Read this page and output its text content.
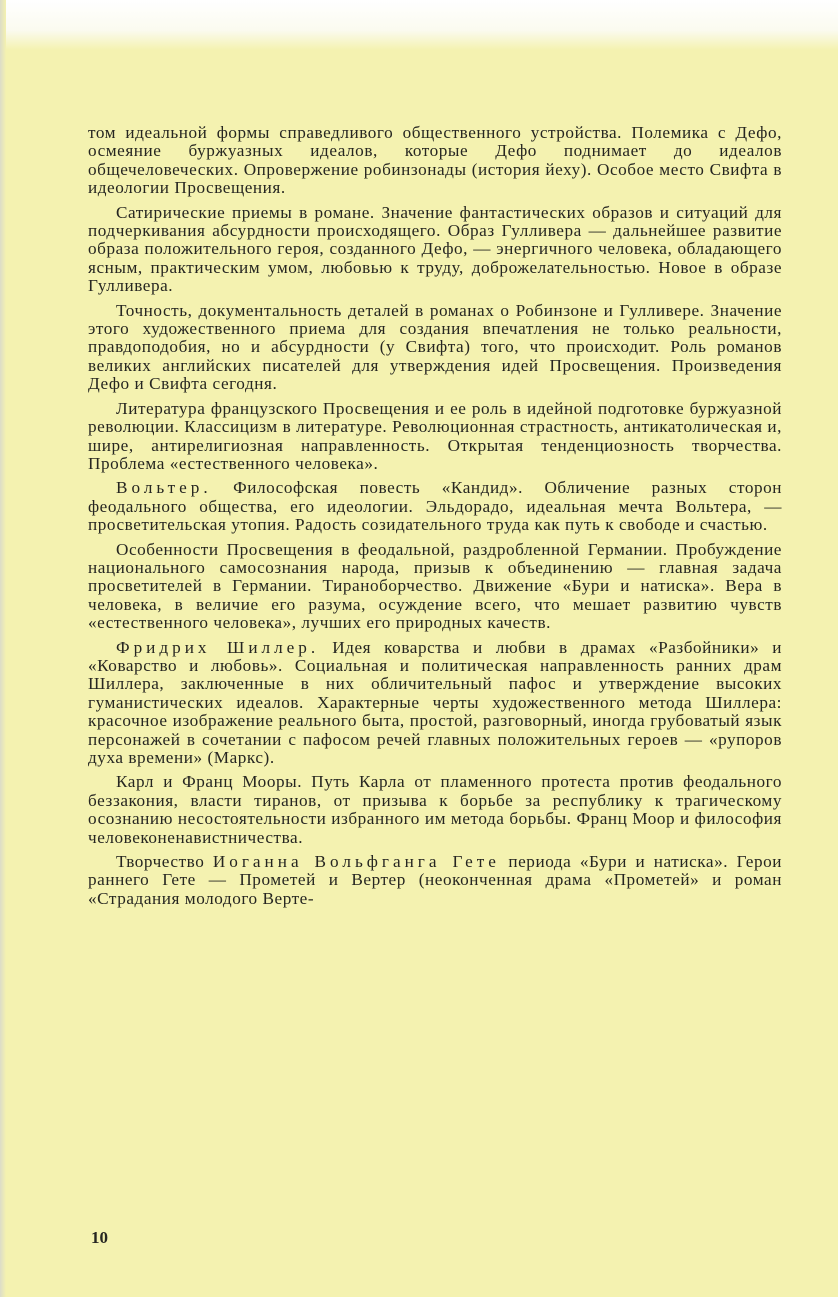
том идеальной формы справедливого общественного устройства. Полемика с Дефо, осмеяние буржуазных идеалов, которые Дефо поднимает до идеалов общечеловеческих. Опровержение робинзонады (история йеху). Особое место Свифта в идеологии Просвещения.

Сатирические приемы в романе. Значение фантастических образов и ситуаций для подчеркивания абсурдности происходящего. Образ Гулливера — дальнейшее развитие образа положительного героя, созданного Дефо, — энергичного человека, обладающего ясным, практическим умом, любовью к труду, доброжелательностью. Новое в образе Гулливера.

Точность, документальность деталей в романах о Робинзоне и Гулливере. Значение этого художественного приема для создания впечатления не только реальности, правдоподобия, но и абсурдности (у Свифта) того, что происходит. Роль романов великих английских писателей для утверждения идей Просвещения. Произведения Дефо и Свифта сегодня.

Литература французского Просвещения и ее роль в идейной подготовке буржуазной революции. Классицизм в литературе. Революционная страстность, антикатолическая и, шире, антирелигиозная направленность. Открытая тенденциозность творчества. Проблема «естественного человека».

Вольтер. Философская повесть «Кандид». Обличение разных сторон феодального общества, его идеологии. Эльдорадо, идеальная мечта Вольтера, — просветительская утопия. Радость созидательного труда как путь к свободе и счастью.

Особенности Просвещения в феодальной, раздробленной Германии. Пробуждение национального самосознания народа, призыв к объединению — главная задача просветителей в Германии. Тираноборчество. Движение «Бури и натиска». Вера в человека, в величие его разума, осуждение всего, что мешает развитию чувств «естественного человека», лучших его природных качеств.

Фридрих Шиллер. Идея коварства и любви в драмах «Разбойники» и «Коварство и любовь». Социальная и политическая направленность ранних драм Шиллера, заключенные в них обличительный пафос и утверждение высоких гуманистических идеалов. Характерные черты художественного метода Шиллера: красочное изображение реального быта, простой, разговорный, иногда грубоватый язык персонажей в сочетании с пафосом речей главных положительных героев — «рупоров духа времени» (Маркс).

Карл и Франц Мооры. Путь Карла от пламенного протеста против феодального беззакония, власти тиранов, от призыва к борьбе за республику к трагическому осознанию несостоятельности избранного им метода борьбы. Франц Моор и философия человеконенавистничества.

Творчество Иоганна Вольфганга Гете периода «Бури и натиска». Герои раннего Гете — Прометей и Вертер (неоконченная драма «Прометей» и роман «Страдания молодого Верте-

10
